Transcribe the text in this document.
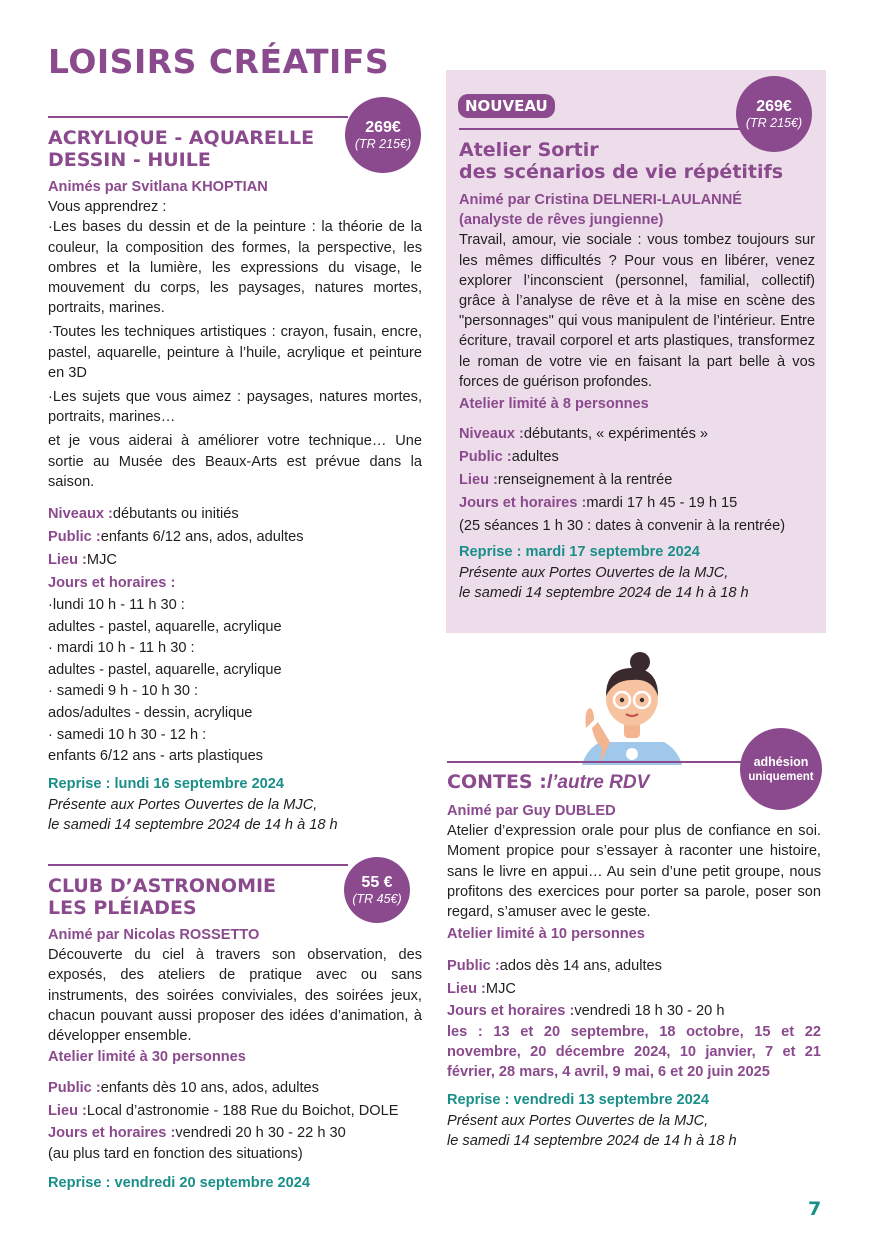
LOISIRS CRÉATIFS

ACRYLIQUE - AQUARELLE

DESSIN - HUILE

Animés par Svitlana KHOPTIAN

Vous apprendrez :

·Les bases du dessin et de la peinture : la théorie de la couleur, la composition des formes, la perspective, les ombres et la lumière, les expressions du visage, le mouvement du corps, les paysages, natures mortes, portraits, marines.

·Toutes les techniques artistiques : crayon, fusain, encre, pastel, aquarelle, peinture à l’huile, acrylique et peinture en 3D

·Les sujets que vous aimez : paysages, natures mortes, portraits, marines…

et je vous aiderai à améliorer votre technique… Une sortie au Musée des Beaux-Arts est prévue dans la saison.

Niveaux :débutants ou initiés

Public :enfants 6/12 ans, ados, adultes

Lieu :MJC

Jours et horaires :

·lundi 10 h - 11 h 30 :

adultes - pastel, aquarelle, acrylique

· mardi 10 h - 11 h 30 :

adultes - pastel, aquarelle, acrylique

· samedi 9 h - 10 h 30 :

ados/adultes - dessin, acrylique

· samedi 10 h 30 - 12 h :

enfants 6/12 ans - arts plastiques

Reprise : lundi 16 septembre 2024

Présente aux Portes Ouvertes de la MJC,

le samedi 14 septembre 2024 de 14 h à 18 h

269€
(TR 215€)

CLUB D’ASTRONOMIE

LES PLÉIADES

Animé par Nicolas ROSSETTO

Découverte du ciel à travers son observation, des exposés, des ateliers de pratique avec ou sans instruments, des soirées conviviales, des soirées jeux, chacun pouvant aussi proposer des idées d’animation, à développer ensemble.

Atelier limité à 30 personnes

Public :enfants dès 10 ans, ados, adultes

Lieu :Local d’astronomie - 188 Rue du Boichot, DOLE

Jours et horaires :vendredi 20 h 30 - 22 h 30

(au plus tard en fonction des situations)

Reprise : vendredi 20 septembre 2024

55 €
(TR 45€)
NOUVEAU

Atelier Sortir

des scénarios de vie répétitifs

Animé par Cristina DELNERI-LAULANNÉ

(analyste de rêves jungienne)

Travail, amour, vie sociale : vous tombez toujours sur les mêmes difficultés ? Pour vous en libérer, venez explorer l’inconscient (personnel, familial, collectif) grâce à l’analyse de rêve et à la mise en scène des "personnages" qui vous manipulent de l’intérieur. Entre écriture, travail corporel et arts plastiques, transformez le roman de votre vie en faisant la part belle à vos forces de guérison profondes.

Atelier limité à 8 personnes

Niveaux :débutants, « expérimentés »

Public :adultes

Lieu :renseignement à la rentrée

Jours et horaires :mardi 17 h 45 - 19 h 15

(25 séances 1 h 30 : dates à convenir à la rentrée)

Reprise : mardi 17 septembre 2024

Présente aux Portes Ouvertes de la MJC,

le samedi 14 septembre 2024 de 14 h à 18 h

269€
(TR 215€)

CONTES :l’autre RDV

Animé par Guy DUBLED

Atelier d’expression orale pour plus de confiance en soi. Moment propice pour s’essayer à raconter une histoire, sans le livre en appui… Au sein d’une petit groupe, nous profitons des exercices pour porter sa parole, poser son regard, s’amuser avec le geste.

Atelier limité à 10 personnes

Public :ados dès 14 ans, adultes

Lieu :MJC

Jours et horaires :vendredi 18 h 30 - 20 h

les : 13 et 20 septembre, 18 octobre, 15 et 22 novembre, 20 décembre 2024, 10 janvier, 7 et 21 février, 28 mars, 4 avril, 9 mai, 6 et 20 juin 2025

Reprise : vendredi 13 septembre 2024

Présent aux Portes Ouvertes de la MJC,

le samedi 14 septembre 2024 de 14 h à 18 h

adhésion
uniquement
7
